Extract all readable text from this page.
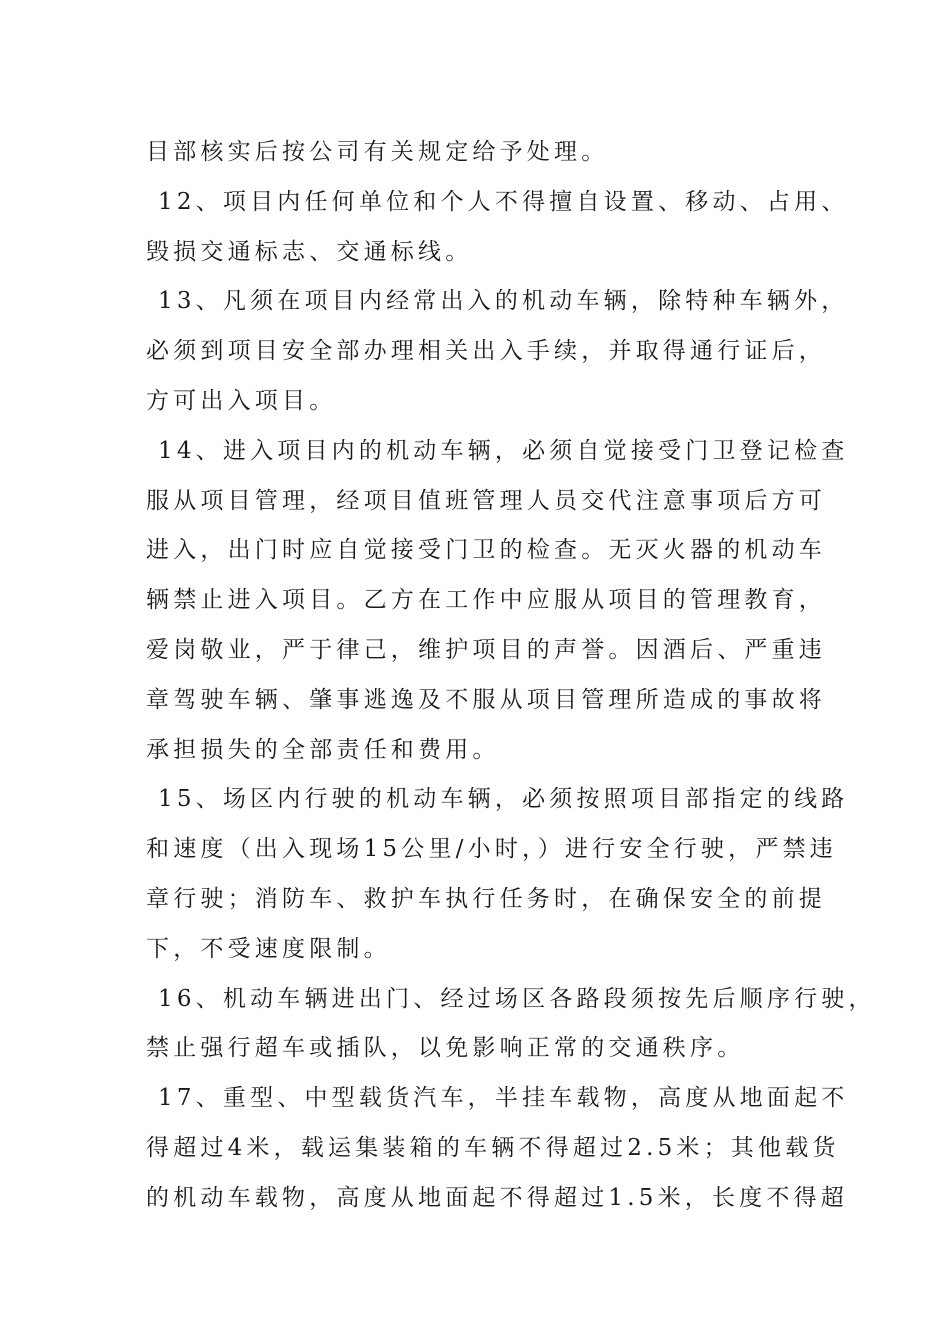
目部核实后按公司有关规定给予处理。
12、项目内任何单位和个人不得擅自设置、移动、占用、
毁损交通标志、交通标线。
13、凡须在项目内经常出入的机动车辆，除特种车辆外，
必须到项目安全部办理相关出入手续，并取得通行证后，
方可出入项目。
14、进入项目内的机动车辆，必须自觉接受门卫登记检查
服从项目管理，经项目值班管理人员交代注意事项后方可
进入，出门时应自觉接受门卫的检查。无灭火器的机动车
辆禁止进入项目。乙方在工作中应服从项目的管理教育，
爱岗敬业，严于律己，维护项目的声誉。因酒后、严重违
章驾驶车辆、肇事逃逸及不服从项目管理所造成的事故将
承担损失的全部责任和费用。
15、场区内行驶的机动车辆，必须按照项目部指定的线路
和速度（出入现场15公里/小时，）进行安全行驶，严禁违
章行驶；消防车、救护车执行任务时，在确保安全的前提
下，不受速度限制。
16、机动车辆进出门、经过场区各路段须按先后顺序行驶，
禁止强行超车或插队，以免影响正常的交通秩序。
17、重型、中型载货汽车，半挂车载物，高度从地面起不
得超过4米，载运集装箱的车辆不得超过2.5米；其他载货
的机动车载物，高度从地面起不得超过1.5米，长度不得超
